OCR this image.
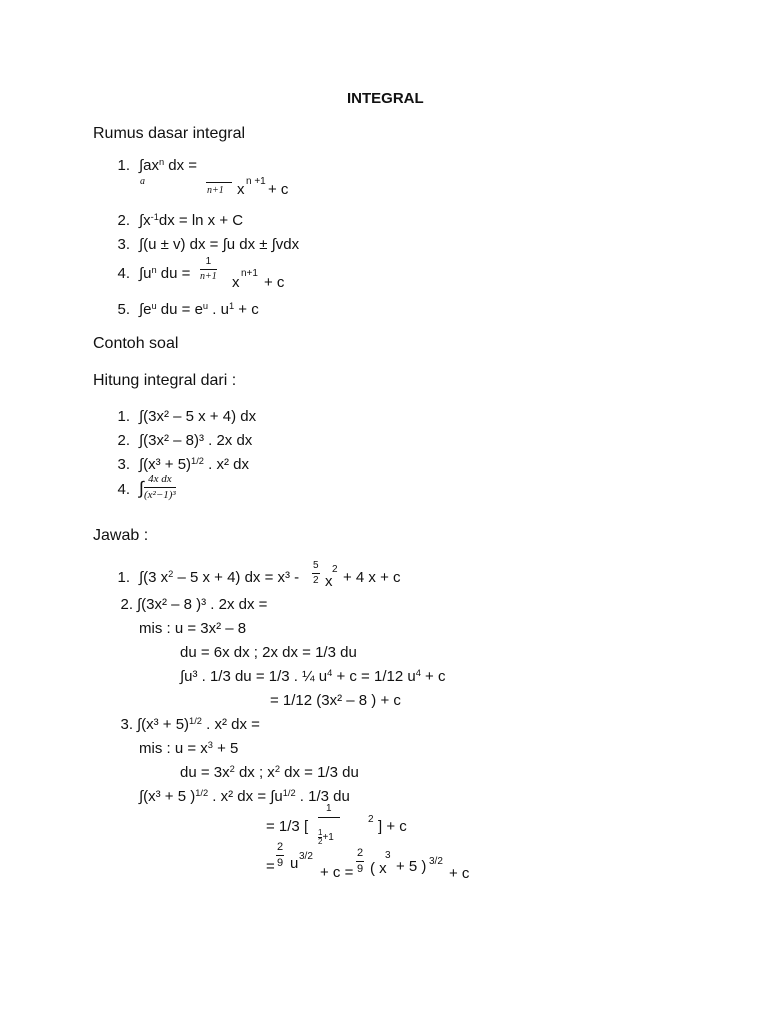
INTEGRAL
Rumus dasar integral
1. $\int ax^n$ dx =
a
n+1 x n +1 + c
2. $\int x^{-1}dx = \ln x + C$
3. ∫(u ± v) dx = ∫u dx ± ∫vdx
4. $\int u^n$ du = $\frac{1}{n+1}$
x
n+1
+ c
5. $\int e^u$ du = $e^u$ . $u^1 + c$
Contoh soal
Hitung integral dari :
1. ∫(3x² – 5 x + 4) dx
2. ∫(3x² – 8)³ . 2x dx
3. $\int(x^3 + 5)^{1/2}$ . x² dx
4. ∫ $\frac{\text{4x dx}}{\text{(x²−1)³}}$
Jawab :
1. ∫(3 $x^2 - 5$ x + 4) dx = $x^3 - \frac{5}{2}$ x
2 + 4 x + c
2. ∫(3x² – 8 )³ . 2x dx =
mis : u = 3x² – 8
du = 6x dx ; 2x dx = 1/3 du
∫u³ . 1/3 du = 1/3 . ¼ $u^4 + c = 1/12$ $u^4 + c$
= 1/12 (3x² – 8 ) + c
3. $\int(x^3 + 5)^{1/2}$ . x² dx =
mis : $u = x^3 + 5$
du = $3x^2$ dx ; $x^2$ dx = 1/3 du
∫(x³ + 5 )$^{1/2}$ . x² dx = $\int u^{1/2}$ . 1/3 du
= 1/3 [
1
$\frac{1}{2} +1$
2 ] + c
= $\frac{2}{9}$ u 3/2
+ $c = \frac{2}{9}$ ( x
3
+ 5 ) 3/2
+ c
